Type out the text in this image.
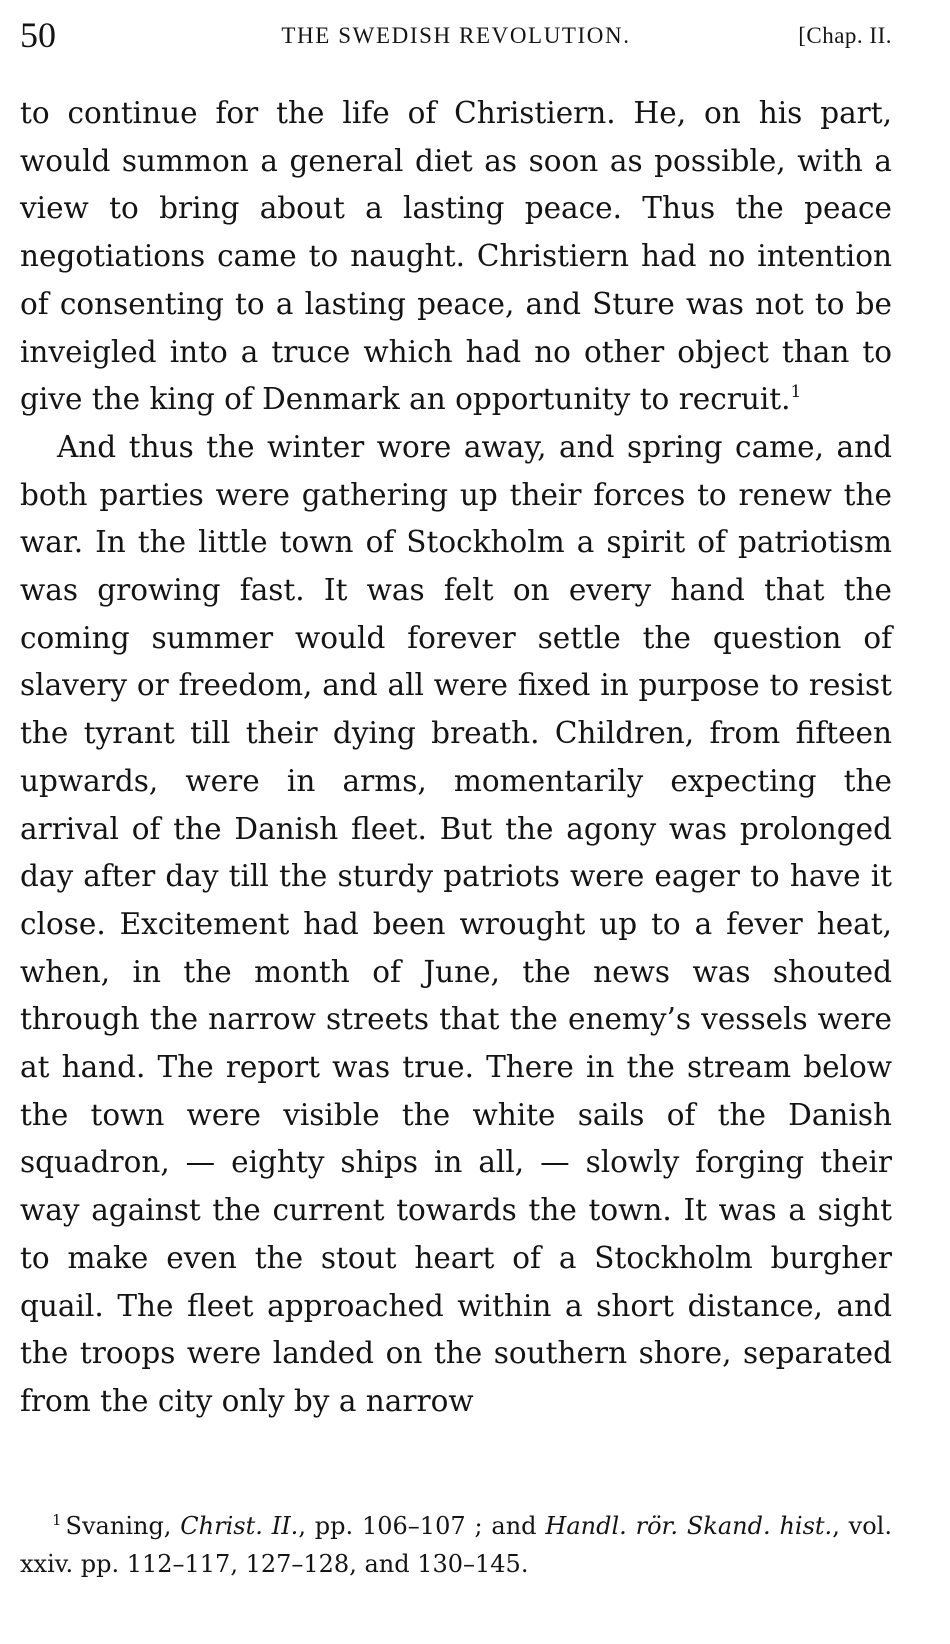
50	THE SWEDISH REVOLUTION.	[Chap. II.

to continue for the life of Christiern. He, on his part, would summon a general diet as soon as possible, with a view to bring about a lasting peace. Thus the peace negotiations came to naught. Christiern had no intention of consenting to a lasting peace, and Sture was not to be inveigled into a truce which had no other object than to give the king of Denmark an opportunity to recruit.$^1$

And thus the winter wore away, and spring came, and both parties were gathering up their forces to renew the war. In the little town of Stockholm a spirit of patriotism was growing fast. It was felt on every hand that the coming summer would forever settle the question of slavery or freedom, and all were fixed in purpose to resist the tyrant till their dying breath. Children, from fifteen upwards, were in arms, momentarily expecting the arrival of the Danish fleet. But the agony was prolonged day after day till the sturdy patriots were eager to have it close. Excitement had been wrought up to a fever heat, when, in the month of June, the news was shouted through the narrow streets that the enemy’s vessels were at hand. The report was true. There in the stream below the town were visible the white sails of the Danish squadron, — eighty ships in all, — slowly forging their way against the current towards the town. It was a sight to make even the stout heart of a Stockholm burgher quail. The fleet approached within a short distance, and the troops were landed on the southern shore, separated from the city only by a narrow

$^1$ Svaning, Christ. II., pp. 106–107 ; and Handl. rör. Skand. hist., vol. xxiv. pp. 112–117, 127–128, and 130–145.
